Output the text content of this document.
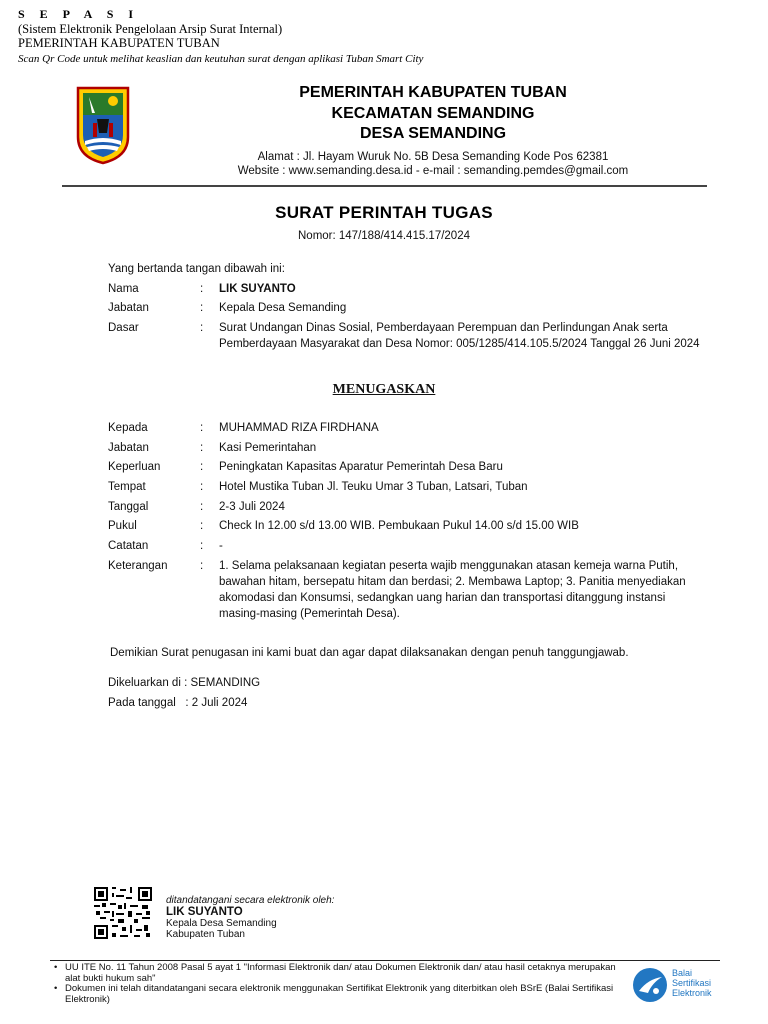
S E P A S I
(Sistem Elektronik Pengelolaan Arsip Surat Internal)
PEMERINTAH KABUPATEN TUBAN
Scan Qr Code untuk melihat keaslian dan keutuhan surat dengan aplikasi Tuban Smart City
PEMERINTAH KABUPATEN TUBAN
KECAMATAN SEMANDING
DESA SEMANDING
Alamat : Jl. Hayam Wuruk No. 5B Desa Semanding Kode Pos 62381
Website : www.semanding.desa.id - e-mail : semanding.pemdes@gmail.com
SURAT PERINTAH TUGAS
Nomor: 147/188/414.415.17/2024
Yang bertanda tangan dibawah ini:
Nama	: LIK SUYANTO
Jabatan	: Kepala Desa Semanding
Dasar	: Surat Undangan Dinas Sosial, Pemberdayaan Perempuan dan Perlindungan Anak serta Pemberdayaan Masyarakat dan Desa Nomor: 005/1285/414.105.5/2024 Tanggal 26 Juni 2024
MENUGASKAN
Kepada	: MUHAMMAD RIZA FIRDHANA
Jabatan	: Kasi Pemerintahan
Keperluan	: Peningkatan Kapasitas Aparatur Pemerintah Desa Baru
Tempat	: Hotel Mustika Tuban Jl. Teuku Umar 3 Tuban, Latsari, Tuban
Tanggal	: 2-3 Juli 2024
Pukul	: Check In 12.00 s/d 13.00 WIB. Pembukaan Pukul 14.00 s/d 15.00 WIB
Catatan	: -
Keterangan	: 1. Selama pelaksanaan kegiatan peserta wajib menggunakan atasan kemeja warna Putih, bawahan hitam, bersepatu hitam dan berdasi; 2. Membawa Laptop; 3. Panitia menyediakan akomodasi dan Konsumsi, sedangkan uang harian dan transportasi ditanggung instansi masing-masing (Pemerintah Desa).
Demikian Surat penugasan ini kami buat dan agar dapat dilaksanakan dengan penuh tanggungjawab.
Dikeluarkan di : SEMANDING
Pada tanggal   : 2 Juli 2024
ditandatangani secara elektronik oleh:
LIK SUYANTO
Kepala Desa Semanding
Kabupaten Tuban
• UU ITE No. 11 Tahun 2008 Pasal 5 ayat 1 "Informasi Elektronik dan/ atau Dokumen Elektronik dan/ atau hasil cetaknya merupakan alat bukti hukum sah"
• Dokumen ini telah ditandatangani secara elektronik menggunakan Sertifikat Elektronik yang diterbitkan oleh BSrE (Balai Sertifikasi Elektronik)
Balai
Sertifikasi
Elektronik
